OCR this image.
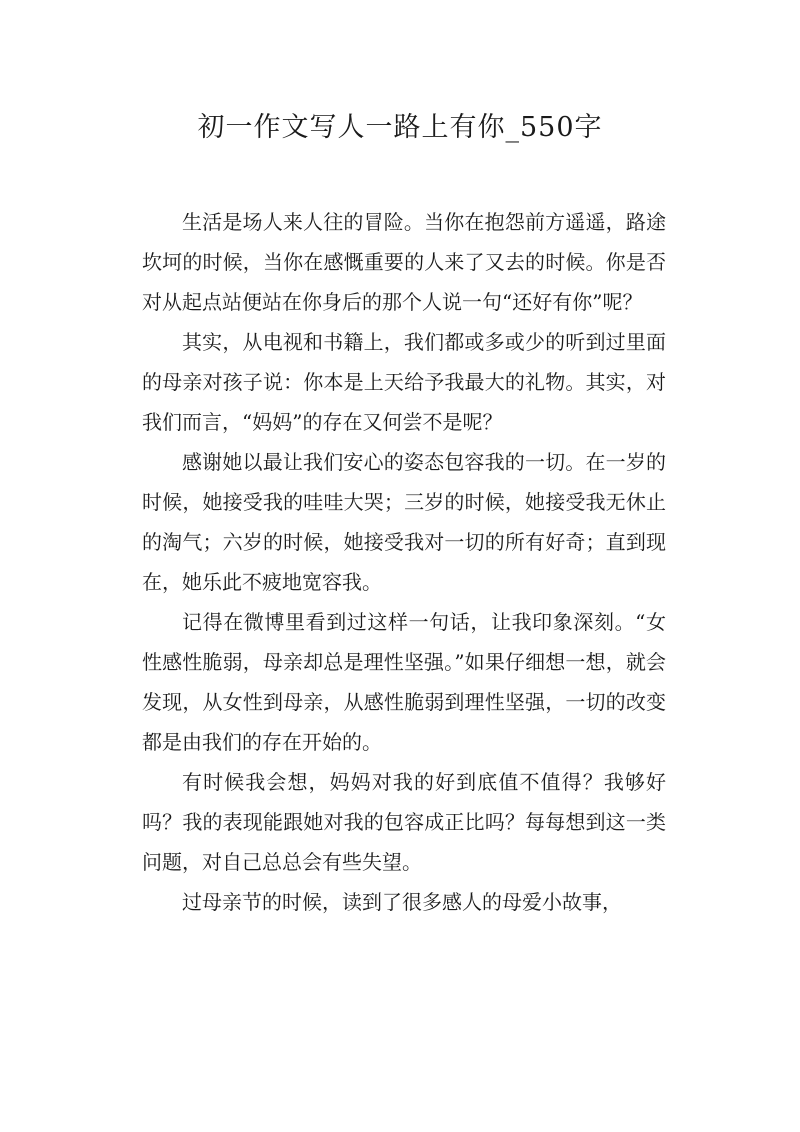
初一作文写人一路上有你_550字

生活是场人来人往的冒险。当你在抱怨前方遥遥，路途坎坷的时候，当你在感慨重要的人来了又去的时候。你是否对从起点站便站在你身后的那个人说一句“还好有你”呢？

其实，从电视和书籍上，我们都或多或少的听到过里面的母亲对孩子说：你本是上天给予我最大的礼物。其实，对我们而言，“妈妈”的存在又何尝不是呢？

感谢她以最让我们安心的姿态包容我的一切。在一岁的时候，她接受我的哇哇大哭；三岁的时候，她接受我无休止的淘气；六岁的时候，她接受我对一切的所有好奇；直到现在，她乐此不疲地宽容我。

记得在微博里看到过这样一句话，让我印象深刻。“女性感性脆弱，母亲却总是理性坚强。”如果仔细想一想，就会发现，从女性到母亲，从感性脆弱到理性坚强，一切的改变都是由我们的存在开始的。

有时候我会想，妈妈对我的好到底值不值得？我够好吗？我的表现能跟她对我的包容成正比吗？每每想到这一类问题，对自己总总会有些失望。

过母亲节的时候，读到了很多感人的母爱小故事，
